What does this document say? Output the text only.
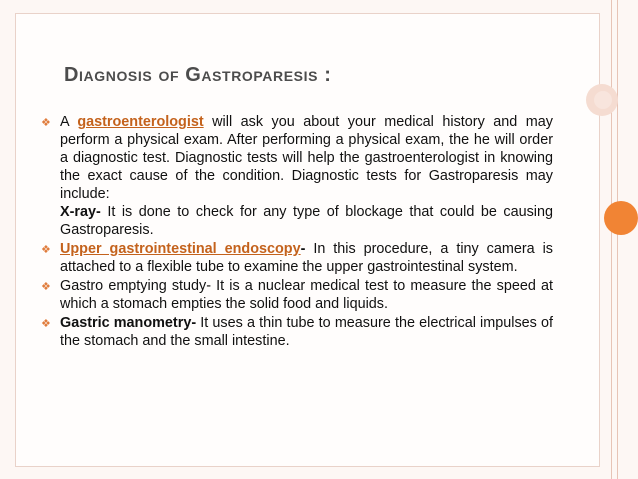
Diagnosis of Gastroparesis :
❖ A gastroenterologist will ask you about your medical history and may perform a physical exam. After performing a physical exam, the he will order a diagnostic test. Diagnostic tests will help the gastroenterologist in knowing the exact cause of the condition. Diagnostic tests for Gastroparesis may include:
X-ray- It is done to check for any type of blockage that could be causing Gastroparesis.
❖ Upper gastrointestinal endoscopy- In this procedure, a tiny camera is attached to a flexible tube to examine the upper gastrointestinal system.
❖ Gastro emptying study- It is a nuclear medical test to measure the speed at which a stomach empties the solid food and liquids.
❖ Gastric manometry- It uses a thin tube to measure the electrical impulses of the stomach and the small intestine.
